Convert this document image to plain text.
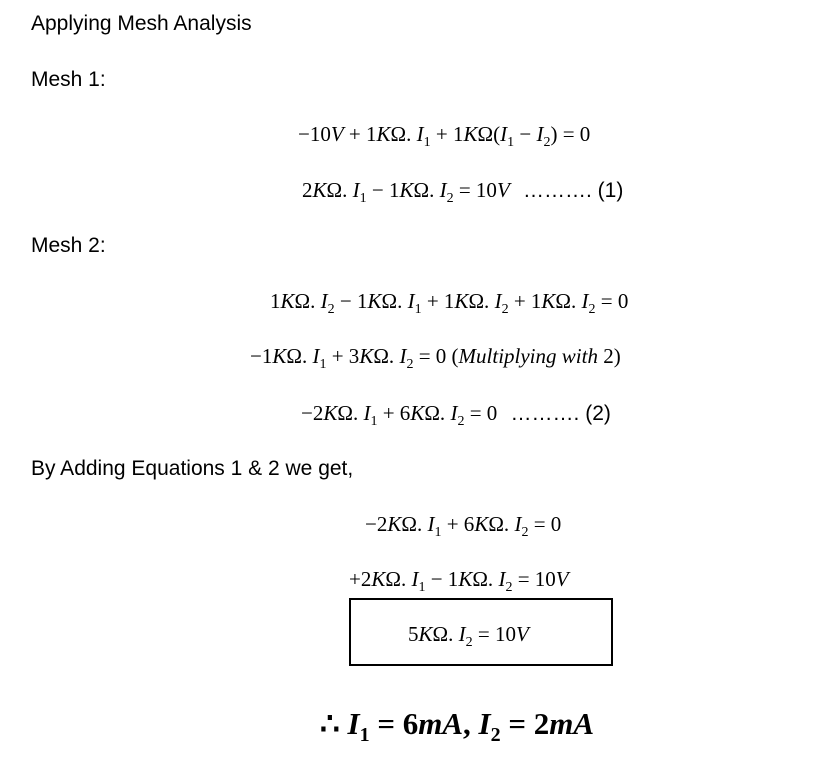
Applying Mesh Analysis
Mesh 1:
−10V + 1KΩ. $I_1 + 1K\Omega(I_1 - I_2) = 0$
2KΩ. $I_1 - 1K\Omega$. $I_2 = 10V$ ………. (1)
Mesh 2:
1KΩ. $I_2 - 1K\Omega$. $I_1 + 1K\Omega$. $I_2 + 1K\Omega$. $I_2 = 0$
−1KΩ. $I_1 + 3K\Omega$. $I_2 = 0$ (Multiplying with 2)
−2KΩ. $I_1 + 6K\Omega$. $I_2 = 0$ ………. (2)
By Adding Equations 1 & 2 we get,
−2KΩ. $I_1 + 6K\Omega$. $I_2 = 0$
+2KΩ. $I_1 - 1K\Omega$. $I_2 = 10V$
5KΩ. $I_2 = 10V$
∴ $I_1 = 6mA$, $I_2 = 2mA$
